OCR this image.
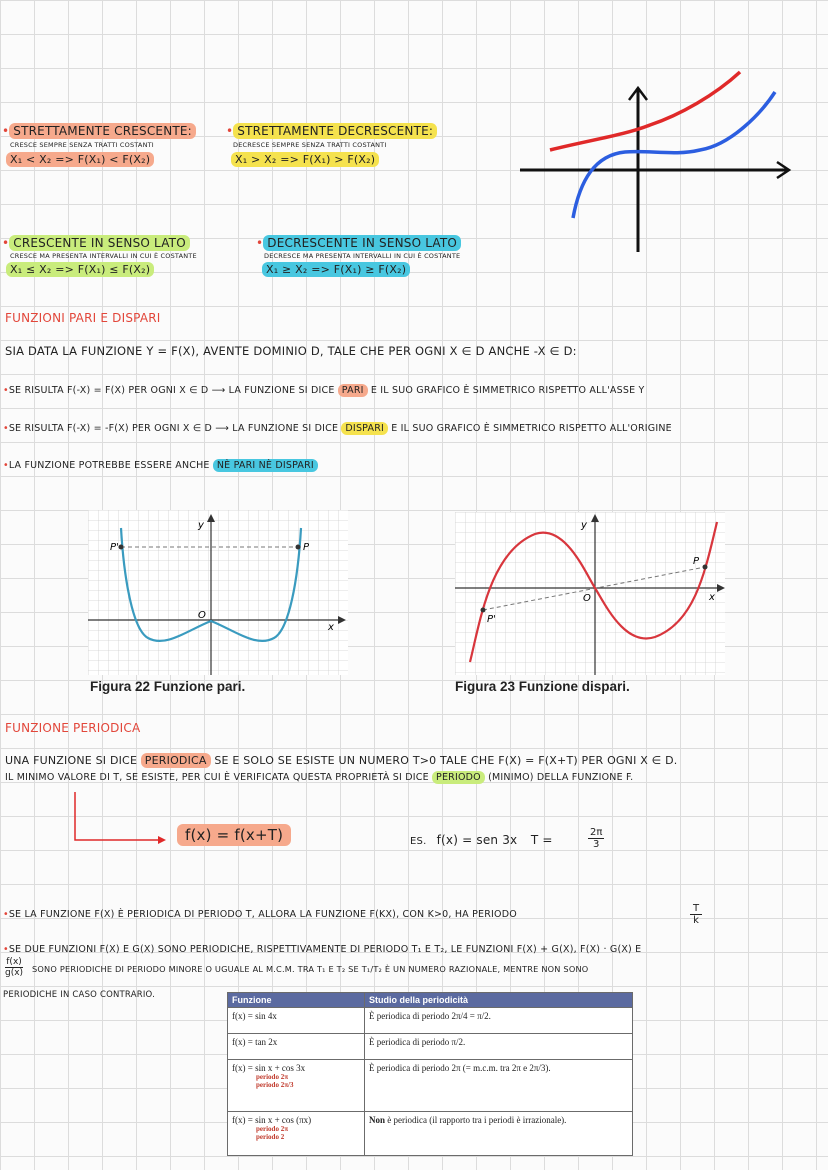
• STRETTAMENTE CRESCENTE:
CRESCE SEMPRE SENZA TRATTI COSTANTI
X₁ < X₂ => F(X₁) < F(X₂)
• STRETTAMENTE DECRESCENTE:
DECRESCE SEMPRE SENZA TRATTI COSTANTI
X₁ > X₂ => F(X₁) > F(X₂)
• CRESCENTE IN SENSO LATO
CRESCE MA PRESENTA INTERVALLI IN CUI È COSTANTE
X₁ ≤ X₂ => F(X₁) ≤ F(X₂)
• DECRESCENTE IN SENSO LATO
DECRESCE MA PRESENTA INTERVALLI IN CUI È COSTANTE
X₁ ≥ X₂ => F(X₁) ≥ F(X₂)
FUNZIONI PARI E DISPARI
SIA DATA LA FUNZIONE Y = F(X), AVENTE DOMINIO D, TALE CHE PER OGNI X ∈ D ANCHE -X ∈ D:
•SE RISULTA F(-X) = F(X) PER OGNI X ∈ D ⟶ LA FUNZIONE SI DICE PARI E IL SUO GRAFICO È SIMMETRICO RISPETTO ALL'ASSE Y
•SE RISULTA F(-X) = -F(X) PER OGNI X ∈ D ⟶ LA FUNZIONE SI DICE DISPARI E IL SUO GRAFICO È SIMMETRICO RISPETTO ALL'ORIGINE
•LA FUNZIONE POTREBBE ESSERE ANCHE NÈ PARI NÈ DISPARI
P'	P
O
y
x
Figura 22 Funzione pari.
P'
P
O
y
x
Figura 23 Funzione dispari.
FUNZIONE PERIODICA
UNA FUNZIONE SI DICE PERIODICA SE E SOLO SE ESISTE UN NUMERO T>0 TALE CHE F(X) = F(X+T) PER OGNI X ∈ D.
IL MINIMO VALORE DI T, SE ESISTE, PER CUI È VERIFICATA QUESTA PROPRIETÀ SI DICE PERIODO (MINIMO) DELLA FUNZIONE F.
f(x) = f(x+T)	ES. f(x) = sen 3x T =
2π
3
•SE LA FUNZIONE F(X) È PERIODICA DI PERIODO T, ALLORA LA FUNZIONE F(KX), CON K>0, HA PERIODO
T
k
•SE DUE FUNZIONI F(X) E G(X) SONO PERIODICHE, RISPETTIVAMENTE DI PERIODO T₁ E T₂, LE FUNZIONI F(X) + G(X), F(X) · G(X) E
f(x)
g(x) SONO PERIODICHE DI PERIODO MINORE O UGUALE AL M.C.M. TRA T₁ E T₂ SE T₁/T₂ È UN NUMERO RAZIONALE, MENTRE NON SONO
PERIODICHE IN CASO CONTRARIO.	Funzione	Studio della periodicità
f(x) = sin 4x	È periodica di periodo 2π/4 = π/2.
f(x) = tan 2x	È periodica di periodo π/2.
f(x) = sin x + cos 3x
periodo 2π
periodo 2π/3	È periodica di periodo 2π (= m.c.m. tra 2π e 2π/3).
f(x) = sin x + cos (πx)
periodo 2π
periodo 2	Non è periodica (il rapporto tra i periodi è irrazionale).
